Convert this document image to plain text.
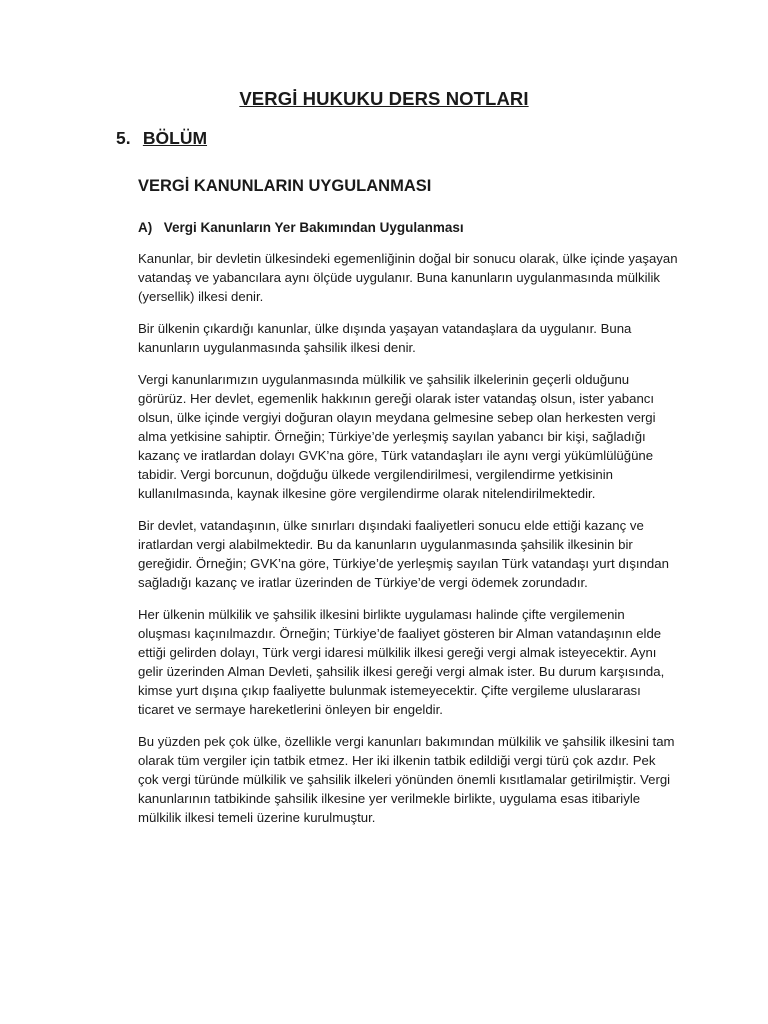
VERGİ HUKUKU DERS NOTLARI
5. BÖLÜM
VERGİ KANUNLARIN UYGULANMASI
A) Vergi Kanunların Yer Bakımından Uygulanması

Kanunlar, bir devletin ülkesindeki egemenliğinin doğal bir sonucu olarak, ülke içinde yaşayan vatandaş ve yabancılara aynı ölçüde uygulanır. Buna kanunların uygulanmasında mülkilik (yersellik) ilkesi denir.

Bir ülkenin çıkardığı kanunlar, ülke dışında yaşayan vatandaşlara da uygulanır. Buna kanunların uygulanmasında şahsilik ilkesi denir.

Vergi kanunlarımızın uygulanmasında mülkilik ve şahsilik ilkelerinin geçerli olduğunu görürüz. Her devlet, egemenlik hakkının gereği olarak ister vatandaş olsun, ister yabancı olsun, ülke içinde vergiyi doğuran olayın meydana gelmesine sebep olan herkesten vergi alma yetkisine sahiptir. Örneğin; Türkiye’de yerleşmiş sayılan yabancı bir kişi, sağladığı kazanç ve iratlardan dolayı GVK’na göre, Türk vatandaşları ile aynı vergi yükümlülüğüne tabidir. Vergi borcunun, doğduğu ülkede vergilendirilmesi, vergilendirme yetkisinin kullanılmasında, kaynak ilkesine göre vergilendirme olarak nitelendirilmektedir.

Bir devlet, vatandaşının, ülke sınırları dışındaki faaliyetleri sonucu elde ettiği kazanç ve iratlardan vergi alabilmektedir. Bu da kanunların uygulanmasında şahsilik ilkesinin bir gereğidir. Örneğin; GVK’na göre, Türkiye’de yerleşmiş sayılan Türk vatandaşı yurt dışından sağladığı kazanç ve iratlar üzerinden de Türkiye’de vergi ödemek zorundadır.

Her ülkenin mülkilik ve şahsilik ilkesini birlikte uygulaması halinde çifte vergilemenin oluşması kaçınılmazdır. Örneğin; Türkiye’de faaliyet gösteren bir Alman vatandaşının elde ettiği gelirden dolayı, Türk vergi idaresi mülkilik ilkesi gereği vergi almak isteyecektir. Aynı gelir üzerinden Alman Devleti, şahsilik ilkesi gereği vergi almak ister. Bu durum karşısında, kimse yurt dışına çıkıp faaliyette bulunmak istemeyecektir. Çifte vergileme uluslararası ticaret ve sermaye hareketlerini önleyen bir engeldir.

Bu yüzden pek çok ülke, özellikle vergi kanunları bakımından mülkilik ve şahsilik ilkesini tam olarak tüm vergiler için tatbik etmez. Her iki ilkenin tatbik edildiği vergi türü çok azdır. Pek çok vergi türünde mülkilik ve şahsilik ilkeleri yönünden önemli kısıtlamalar getirilmiştir. Vergi kanunlarının tatbikinde şahsilik ilkesine yer verilmekle birlikte, uygulama esas itibariyle mülkilik ilkesi temeli üzerine kurulmuştur.
